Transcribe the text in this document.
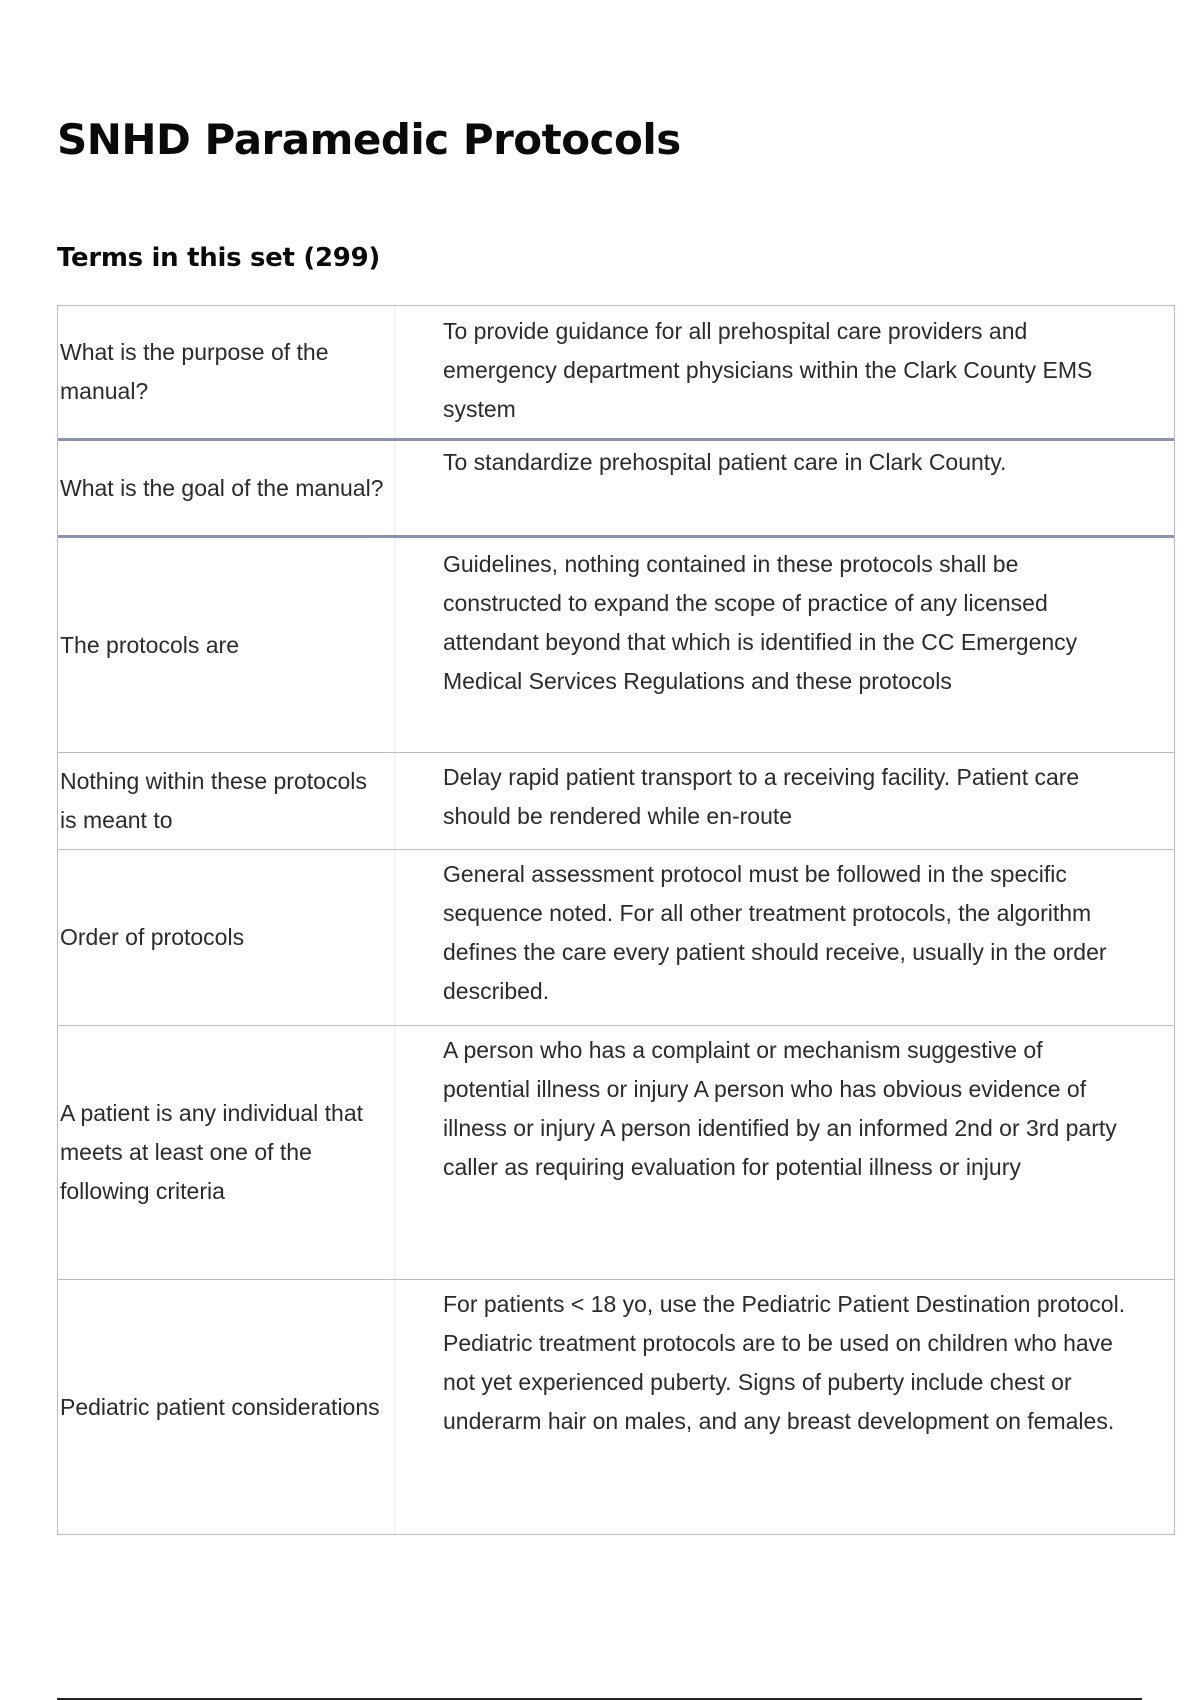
SNHD Paramedic Protocols
Terms in this set (299)
What is the purpose of the manual?
To provide guidance for all prehospital care providers and emergency department physicians within the Clark County EMS system
What is the goal of the manual?
To standardize prehospital patient care in Clark County.
The protocols are
Guidelines, nothing contained in these protocols shall be constructed to expand the scope of practice of any licensed attendant beyond that which is identified in the CC Emergency Medical Services Regulations and these protocols
Nothing within these protocols is meant to
Delay rapid patient transport to a receiving facility. Patient care should be rendered while en-route
Order of protocols
General assessment protocol must be followed in the specific sequence noted. For all other treatment protocols, the algorithm defines the care every patient should receive, usually in the order described.
A patient is any individual that meets at least one of the following criteria
A person who has a complaint or mechanism suggestive of potential illness or injury A person who has obvious evidence of illness or injury A person identified by an informed 2nd or 3rd party caller as requiring evaluation for potential illness or injury
Pediatric patient considerations
For patients < 18 yo, use the Pediatric Patient Destination protocol. Pediatric treatment protocols are to be used on children who have not yet experienced puberty. Signs of puberty include chest or underarm hair on males, and any breast development on females.
